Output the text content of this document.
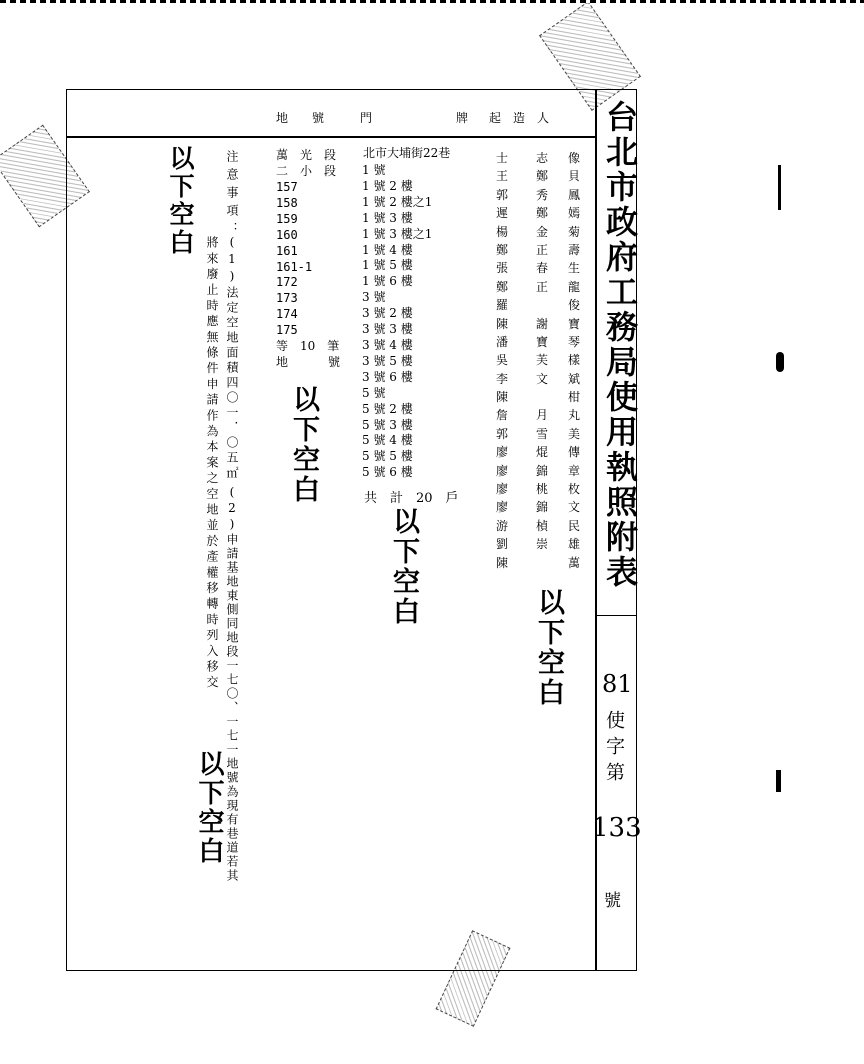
台北市政府工務局使用執照附表
81
使字第
133
號
地　　號　　　門　　　　　　　牌 起　造　人
志
鄭
秀
鄭
金
正
春
正
謝
寶
芙
文
月
雪
焜
錦
桃
錦
楨
崇
像
貝
鳳
嫣
菊
壽
生
龍
俊
寶
琴
樣
斌
柑
丸
美
傳
章
枚
文
民
雄
萬
士
王
郭
遲
楊
鄭
張
鄭
羅
陳
潘
吳
李
陳
詹
郭
廖
廖
廖
廖
游
劉
陳
北市大埔街22巷
1 號
1 號 2 樓
1 號 2 樓之1
1 號 3 樓
1 號 3 樓之1
1 號 4 樓
1 號 5 樓
1 號 6 樓
3 號
3 號 2 樓
3 號 3 樓
3 號 4 樓
3 號 5 樓
3 號 6 樓
5 號
5 號 2 樓
5 號 3 樓
5 號 4 樓
5 號 5 樓
5 號 6 樓
共　計　20　戶
萬　光　段
二　小　段
157
158
159
160
161
161-1
172
173
174
175
等　10　筆
地	號
注意事項：
(1)法定空地面積四〇一．〇五㎡
(2)申請基地東側同地段一七〇、一七一地號為現有巷道若其
將來廢止時應無條件申請作為本案之空地並於產權移轉時列入移交
以下空白
以下空白
以下空白
以下空白
以下空白
